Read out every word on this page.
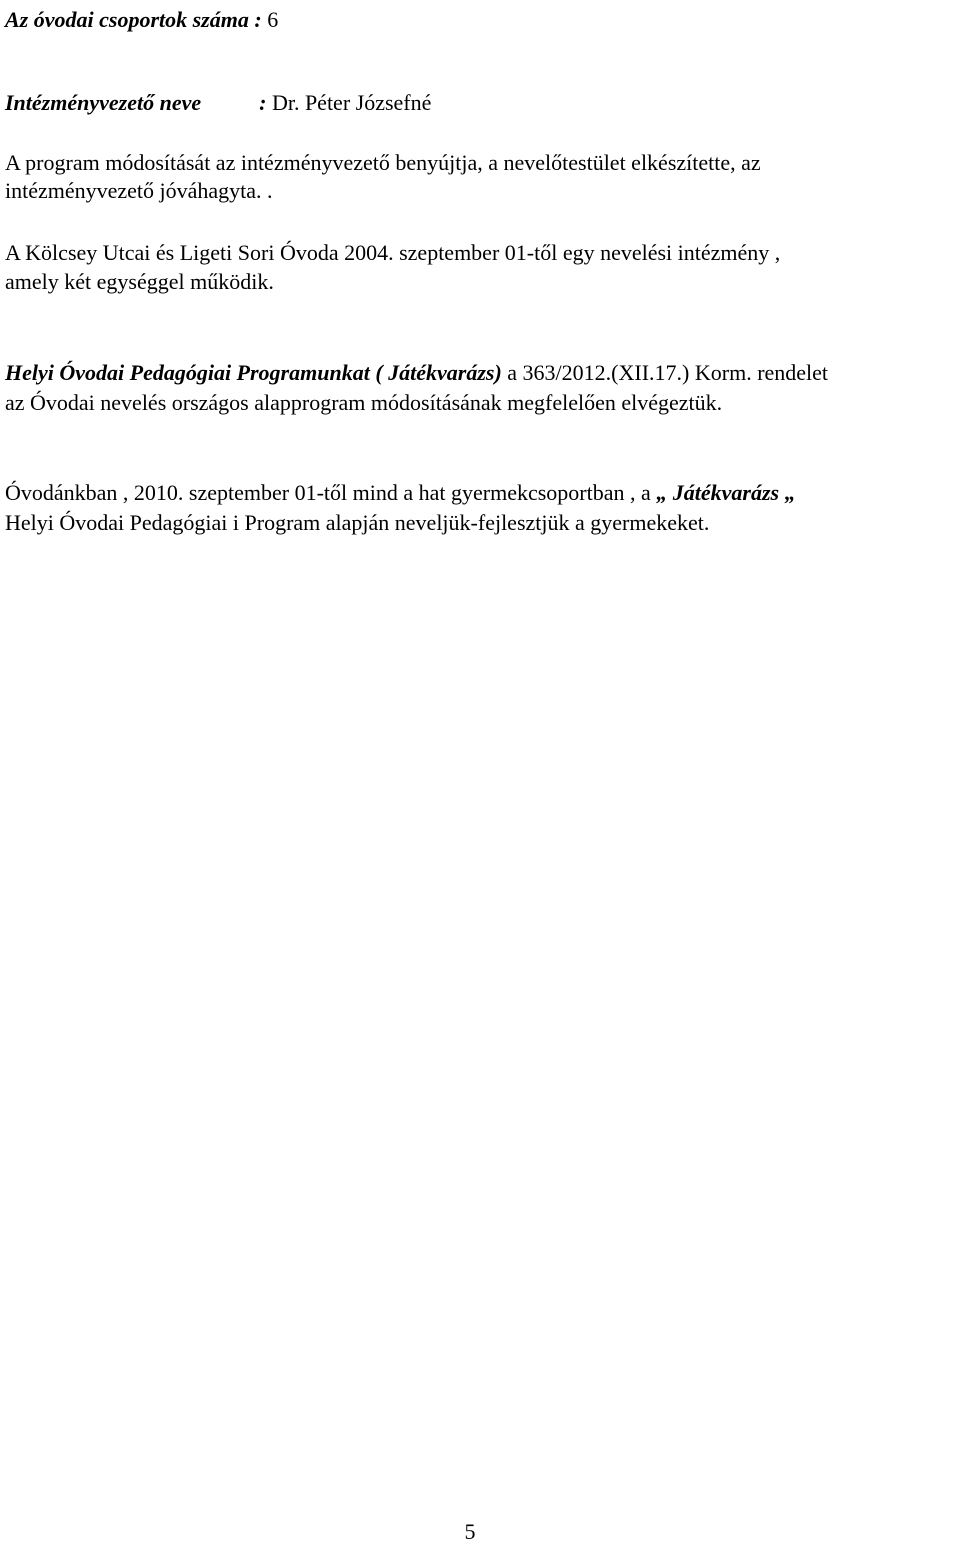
Az óvodai csoportok száma : 6
Intézményvezető neve	: Dr. Péter Józsefné
A program módosítását az intézményvezető benyújtja, a nevelőtestület elkészítette, az
intézményvezető jóváhagyta. .
A Kölcsey Utcai és Ligeti Sori Óvoda 2004. szeptember 01-től egy nevelési intézmény ,
amely két egységgel működik.
Helyi Óvodai Pedagógiai Programunkat ( Játékvarázs) a 363/2012.(XII.17.) Korm. rendelet
az Óvodai nevelés országos alapprogram módosításának megfelelően elvégeztük.
Óvodánkban , 2010. szeptember 01-től mind a hat gyermekcsoportban , a „ Játékvarázs „
Helyi Óvodai Pedagógiai i Program alapján neveljük-fejlesztjük a gyermekeket.
5
